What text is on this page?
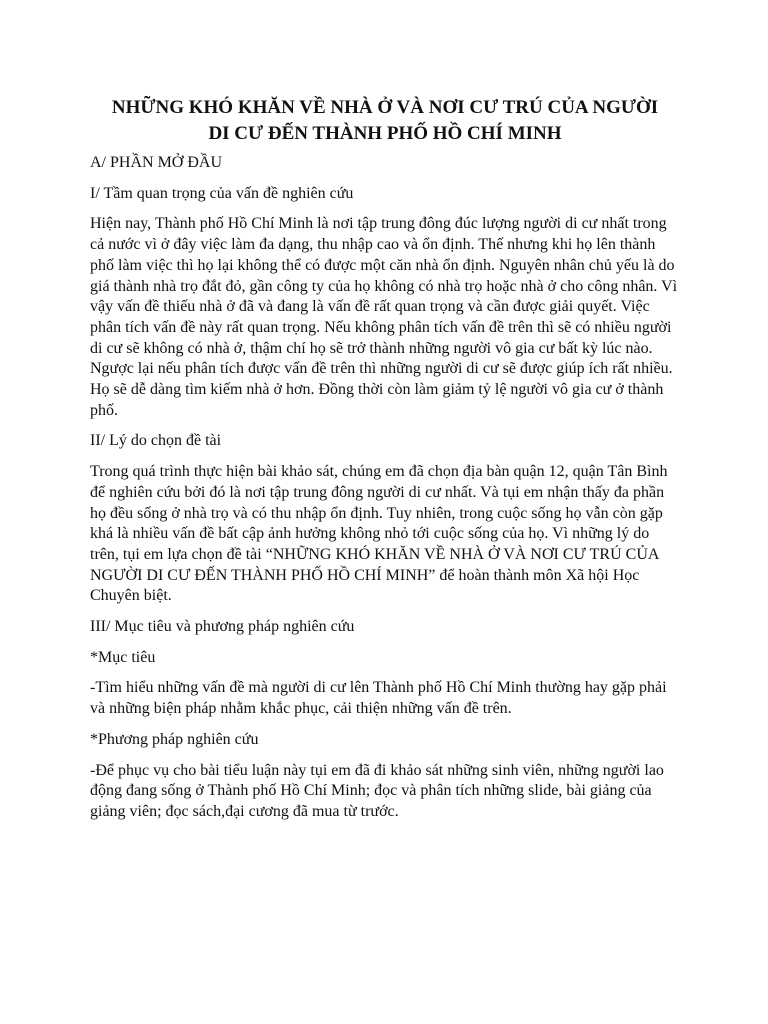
NHỮNG KHÓ KHĂN VỀ NHÀ Ở VÀ NƠI CƯ TRÚ CỦA NGƯỜI
DI CƯ ĐẾN THÀNH PHỐ HỒ CHÍ MINH

A/ PHẦN MỞ ĐẦU

I/ Tầm quan trọng của vấn đề nghiên cứu

Hiện nay, Thành phố Hồ Chí Minh là nơi tập trung đông đúc lượng người di cư nhất trong cả nước vì ở đây việc làm đa dạng, thu nhập cao và ổn định. Thế nhưng khi họ lên thành phố làm việc thì họ lại không thể có được một căn nhà ổn định. Nguyên nhân chủ yếu là do giá thành nhà trọ đắt đỏ, gần công ty của họ không có nhà trọ hoặc nhà ở cho công nhân. Vì vậy vấn đề thiếu nhà ở đã và đang là vấn đề rất quan trọng và cần được giải quyết. Việc phân tích vấn đề này rất quan trọng. Nếu không phân tích vấn đề trên thì sẽ có nhiều người di cư sẽ không có nhà ở, thậm chí họ sẽ trở thành những người vô gia cư bất kỳ lúc nào. Ngược lại nếu phân tích được vấn đề trên thì những người di cư sẽ được giúp ích rất nhiều. Họ sẽ dễ dàng tìm kiếm nhà ở hơn. Đồng thời còn làm giảm tỷ lệ người vô gia cư ở thành phố.

II/ Lý do chọn đề tài

Trong quá trình thực hiện bài khảo sát, chúng em đã chọn địa bàn quận 12, quận Tân Bình để nghiên cứu bởi đó là nơi tập trung đông người di cư nhất. Và tụi em nhận thấy đa phần họ đều sống ở nhà trọ và có thu nhập ổn định. Tuy nhiên, trong cuộc sống họ vẫn còn gặp khá là nhiều vấn đề bất cập ảnh hưởng không nhỏ tới cuộc sống của họ. Vì những lý do trên, tụi em lựa chọn đề tài “NHỮNG KHÓ KHĂN VỀ NHÀ Ở VÀ NƠI CƯ TRÚ CỦA NGƯỜI DI CƯ ĐẾN THÀNH PHỐ HỒ CHÍ MINH” để hoàn thành môn Xã hội Học Chuyên biệt.

III/ Mục tiêu và phương pháp nghiên cứu

*Mục tiêu

-Tìm hiểu những vấn đề mà người di cư lên Thành phố Hồ Chí Minh thường hay gặp phải và những biện pháp nhằm khắc phục, cải thiện những vấn đề trên.

*Phương pháp nghiên cứu

-Để phục vụ cho bài tiểu luận này tụi em đã đi khảo sát những sinh viên, những người lao động đang sống ở Thành phố Hồ Chí Minh; đọc và phân tích những slide, bài giảng của giảng viên; đọc sách,đại cương đã mua từ trước.
